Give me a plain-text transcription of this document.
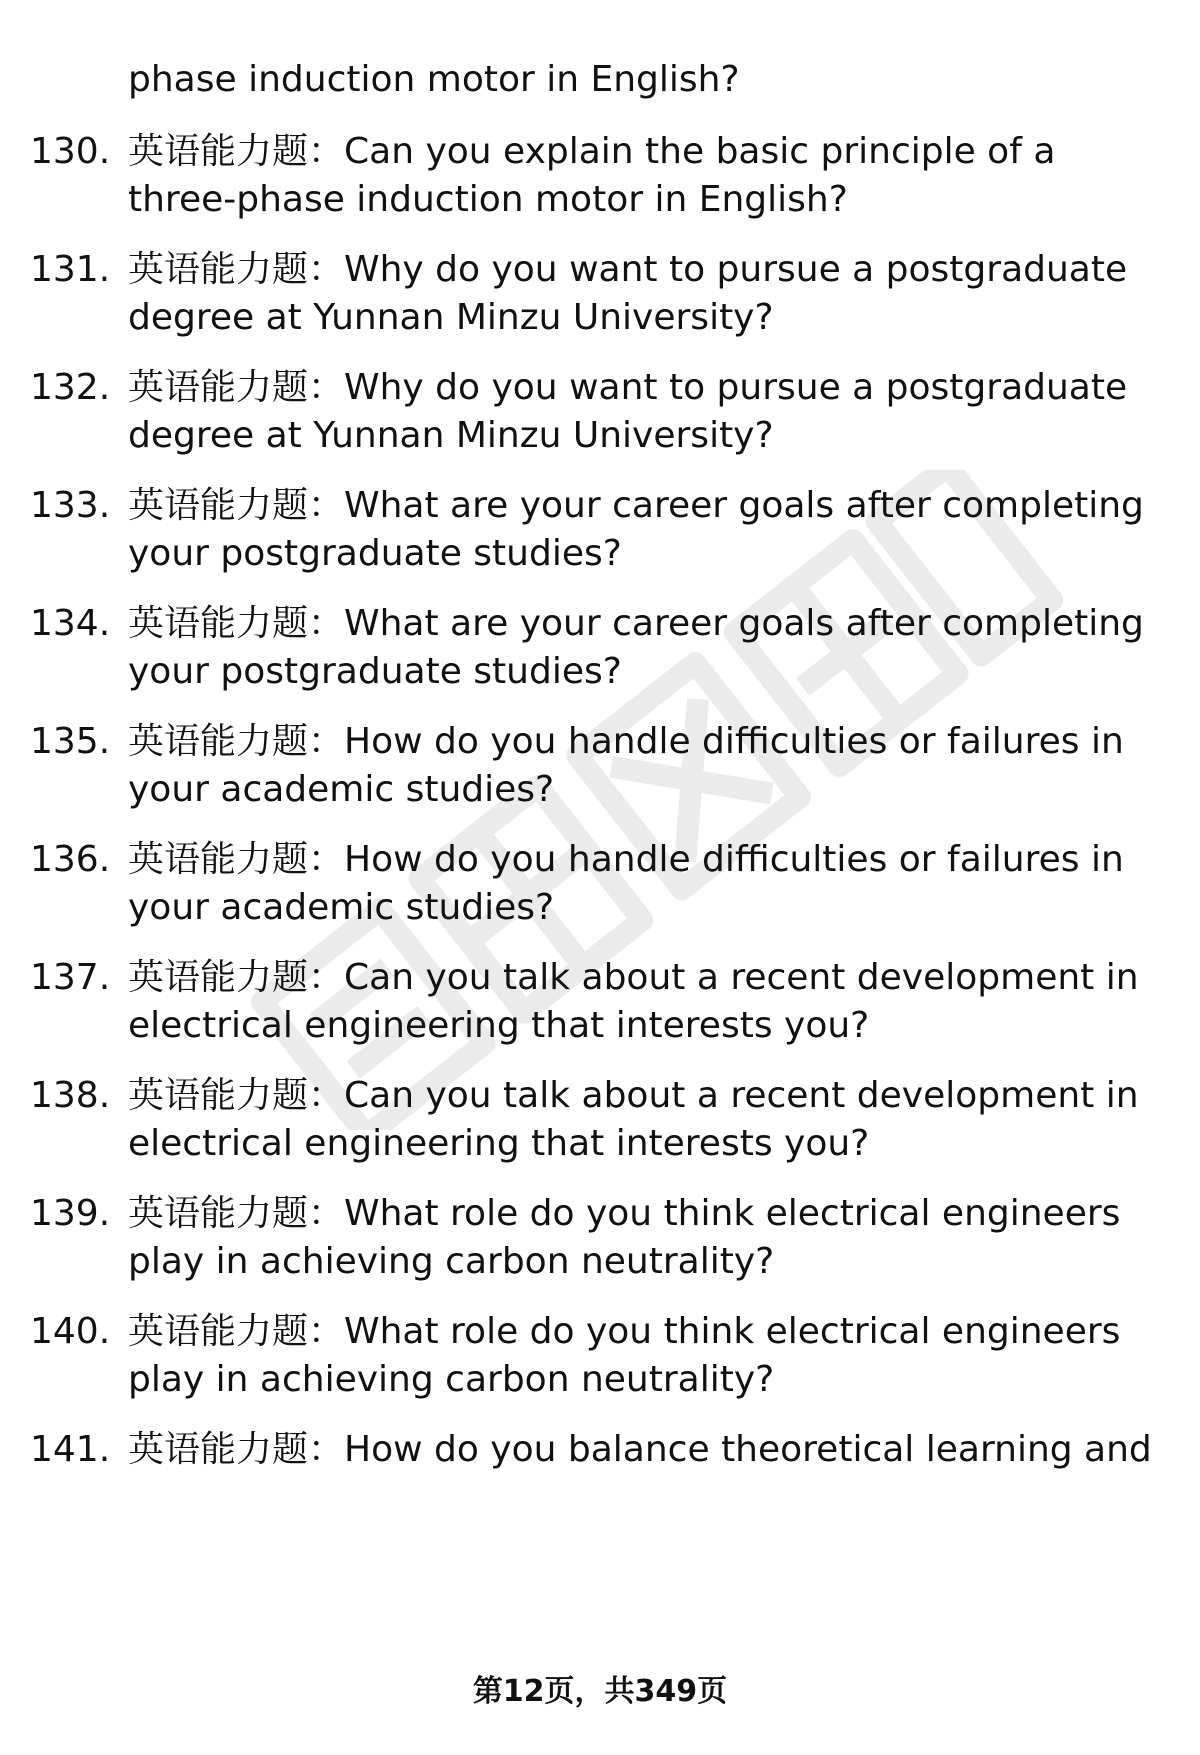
phase induction motor in English?
130. 英语能力题：Can you explain the basic principle of a three-phase induction motor in English?
131. 英语能力题：Why do you want to pursue a postgraduate degree at Yunnan Minzu University?
132. 英语能力题：Why do you want to pursue a postgraduate degree at Yunnan Minzu University?
133. 英语能力题：What are your career goals after completing your postgraduate studies?
134. 英语能力题：What are your career goals after completing your postgraduate studies?
135. 英语能力题：How do you handle difficulties or failures in your academic studies?
136. 英语能力题：How do you handle difficulties or failures in your academic studies?
137. 英语能力题：Can you talk about a recent development in electrical engineering that interests you?
138. 英语能力题：Can you talk about a recent development in electrical engineering that interests you?
139. 英语能力题：What role do you think electrical engineers play in achieving carbon neutrality?
140. 英语能力题：What role do you think electrical engineers play in achieving carbon neutrality?
141. 英语能力题：How do you balance theoretical learning and
第12页，共349页
